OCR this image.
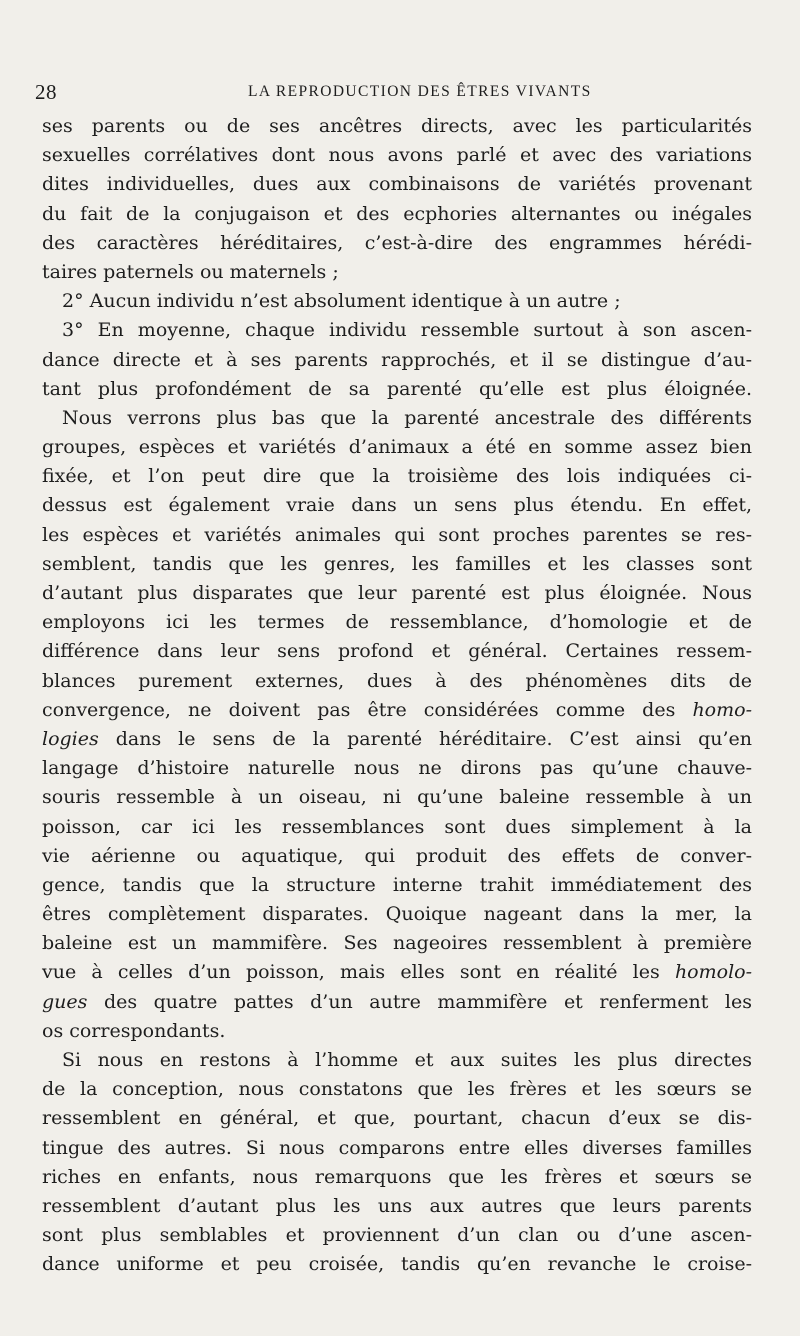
28	LA REPRODUCTION DES ÊTRES VIVANTS
ses parents ou de ses ancêtres directs, avec les particularités
sexuelles corrélatives dont nous avons parlé et avec des variations
dites individuelles, dues aux combinaisons de variétés provenant
du fait de la conjugaison et des ecphories alternantes ou inégales
des caractères héréditaires, c’est-à-dire des engrammes hérédi-
taires paternels ou maternels ;
2° Aucun individu n’est absolument identique à un autre ;
3° En moyenne, chaque individu ressemble surtout à son ascen-
dance directe et à ses parents rapprochés, et il se distingue d’au-
tant plus profondément de sa parenté qu’elle est plus éloignée.
Nous verrons plus bas que la parenté ancestrale des différents
groupes, espèces et variétés d’animaux a été en somme assez bien
fixée, et l’on peut dire que la troisième des lois indiquées ci-
dessus est également vraie dans un sens plus étendu. En effet,
les espèces et variétés animales qui sont proches parentes se res-
semblent, tandis que les genres, les familles et les classes sont
d’autant plus disparates que leur parenté est plus éloignée. Nous
employons ici les termes de ressemblance, d’homologie et de
différence dans leur sens profond et général. Certaines ressem-
blances purement externes, dues à des phénomènes dits de
convergence, ne doivent pas être considérées comme des homo-
logies dans le sens de la parenté héréditaire. C’est ainsi qu’en
langage d’histoire naturelle nous ne dirons pas qu’une chauve-
souris ressemble à un oiseau, ni qu’une baleine ressemble à un
poisson, car ici les ressemblances sont dues simplement à la
vie aérienne ou aquatique, qui produit des effets de conver-
gence, tandis que la structure interne trahit immédiatement des
êtres complètement disparates. Quoique nageant dans la mer, la
baleine est un mammifère. Ses nageoires ressemblent à première
vue à celles d’un poisson, mais elles sont en réalité les homolo-
gues des quatre pattes d’un autre mammifère et renferment les
os correspondants.
Si nous en restons à l’homme et aux suites les plus directes
de la conception, nous constatons que les frères et les sœurs se
ressemblent en général, et que, pourtant, chacun d’eux se dis-
tingue des autres. Si nous comparons entre elles diverses familles
riches en enfants, nous remarquons que les frères et sœurs se
ressemblent d’autant plus les uns aux autres que leurs parents
sont plus semblables et proviennent d’un clan ou d’une ascen-
dance uniforme et peu croisée, tandis qu’en revanche le croise-
